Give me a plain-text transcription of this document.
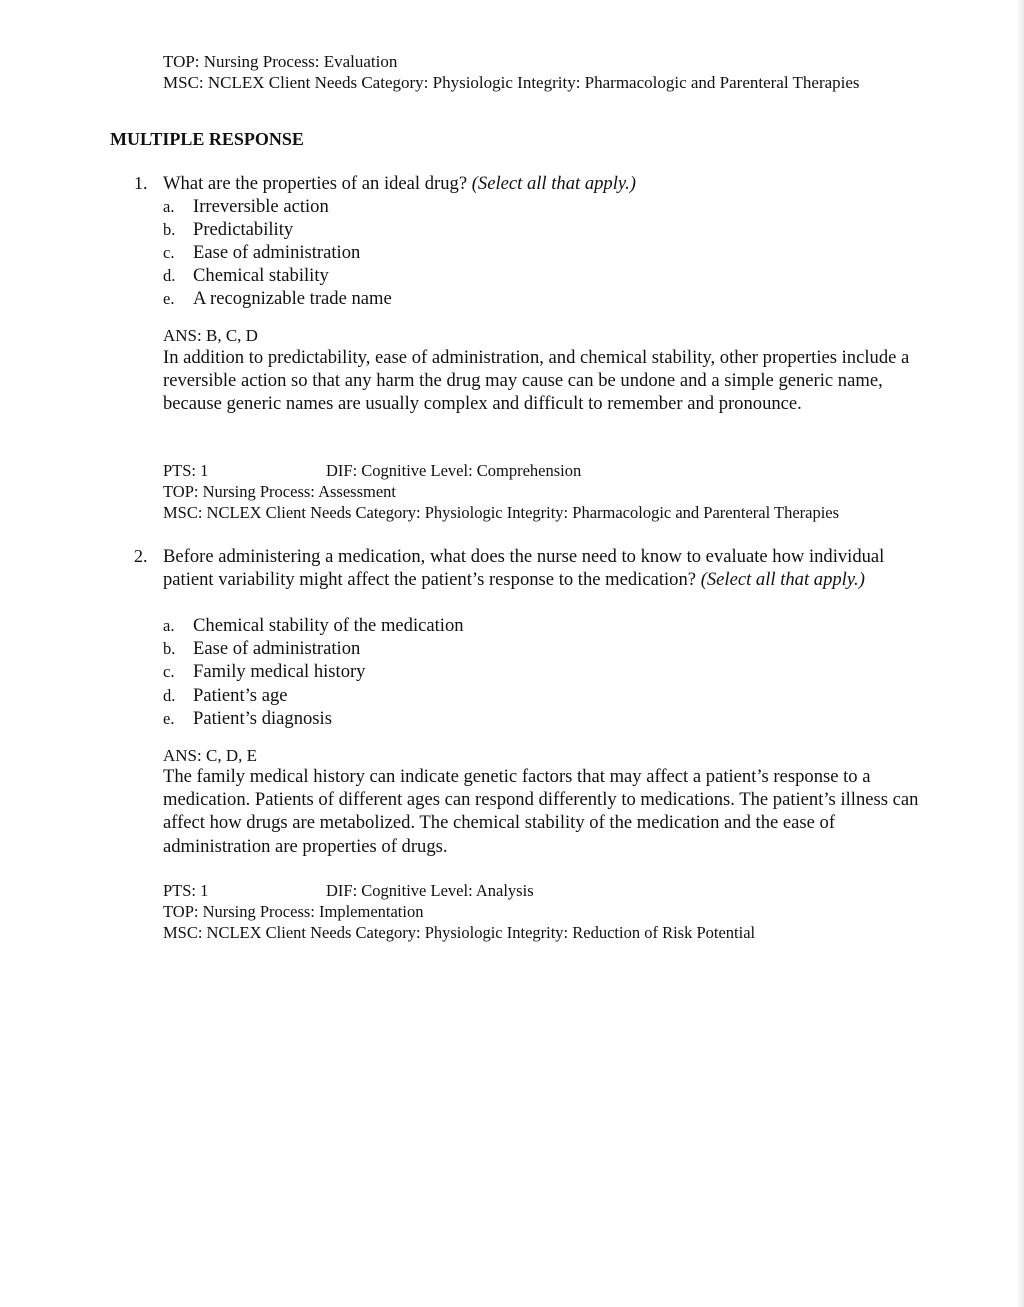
TOP: Nursing Process: Evaluation
MSC: NCLEX Client Needs Category: Physiologic Integrity: Pharmacologic and Parenteral Therapies
MULTIPLE RESPONSE
1. What are the properties of an ideal drug? (Select all that apply.)
a. Irreversible action
b. Predictability
c. Ease of administration
d. Chemical stability
e. A recognizable trade name
ANS: B, C, D
In addition to predictability, ease of administration, and chemical stability, other properties include a reversible action so that any harm the drug may cause can be undone and a simple generic name, because generic names are usually complex and difficult to remember and pronounce.
PTS: 1	DIF: Cognitive Level: Comprehension
TOP: Nursing Process: Assessment
MSC: NCLEX Client Needs Category: Physiologic Integrity: Pharmacologic and Parenteral Therapies
2. Before administering a medication, what does the nurse need to know to evaluate how individual patient variability might affect the patient’s response to the medication? (Select all that apply.)
a. Chemical stability of the medication
b. Ease of administration
c. Family medical history
d. Patient’s age
e. Patient’s diagnosis
ANS: C, D, E
The family medical history can indicate genetic factors that may affect a patient’s response to a medication. Patients of different ages can respond differently to medications. The patient’s illness can affect how drugs are metabolized. The chemical stability of the medication and the ease of administration are properties of drugs.
PTS: 1	DIF: Cognitive Level: Analysis
TOP: Nursing Process: Implementation
MSC: NCLEX Client Needs Category: Physiologic Integrity: Reduction of Risk Potential
